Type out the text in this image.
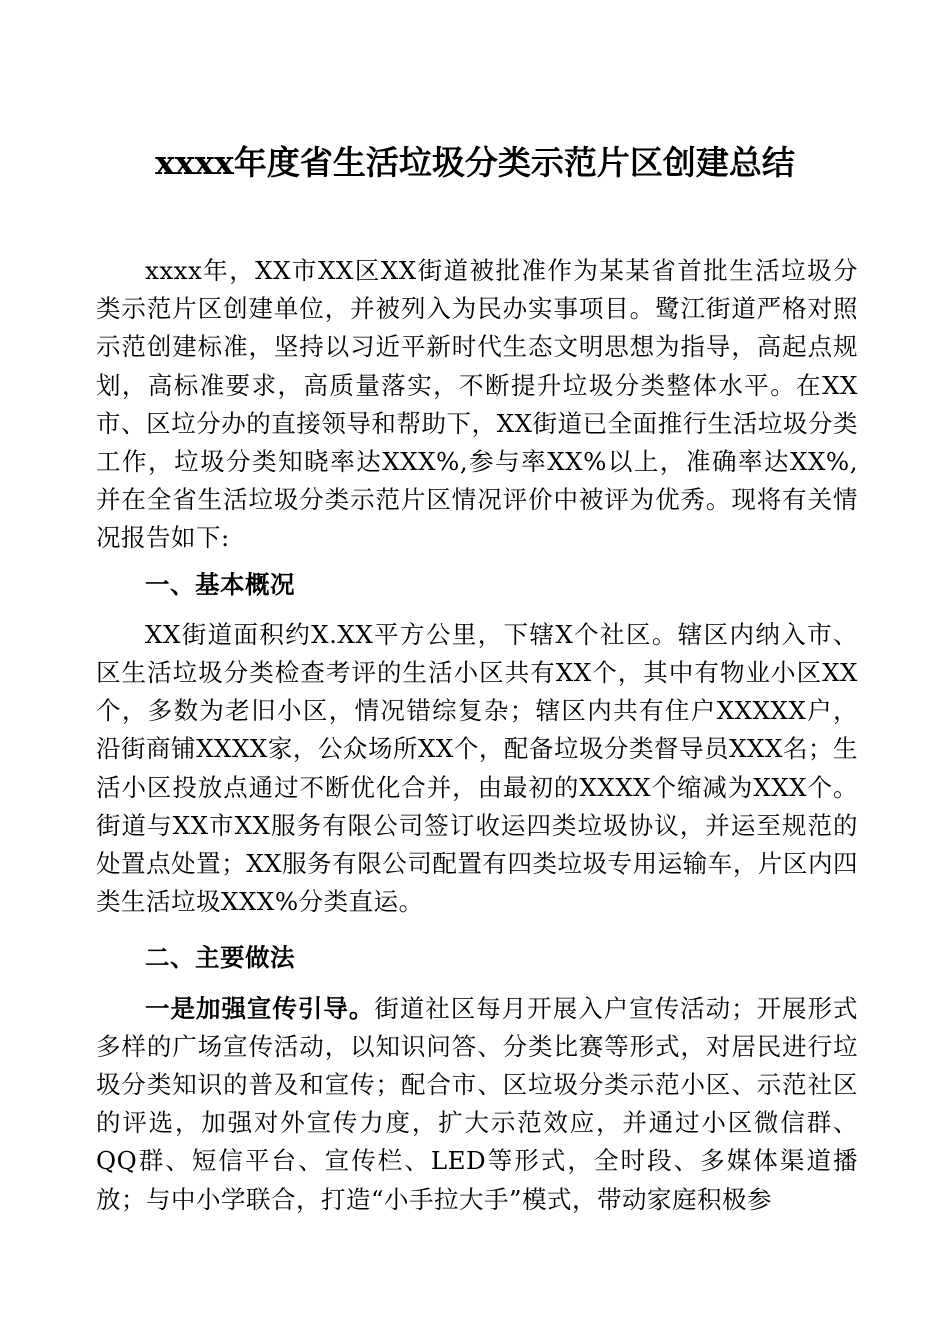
xxxx年度省生活垃圾分类示范片区创建总结

xxxx年，XX市XX区XX街道被批准作为某某省首批生活垃圾分类示范片区创建单位，并被列入为民办实事项目。鹭江街道严格对照示范创建标准，坚持以习近平新时代生态文明思想为指导，高起点规划，高标准要求，高质量落实，不断提升垃圾分类整体水平。在XX市、区垃分办的直接领导和帮助下，XX街道已全面推行生活垃圾分类工作，垃圾分类知晓率达XXX%,参与率XX%以上，准确率达XX%,并在全省生活垃圾分类示范片区情况评价中被评为优秀。现将有关情况报告如下:

一、基本概况

XX街道面积约X.XX平方公里，下辖X个社区。辖区内纳入市、区生活垃圾分类检查考评的生活小区共有XX个，其中有物业小区XX个，多数为老旧小区，情况错综复杂；辖区内共有住户XXXXX户，沿街商铺XXXX家，公众场所XX个，配备垃圾分类督导员XXX名；生活小区投放点通过不断优化合并，由最初的XXXX个缩减为XXX个。街道与XX市XX服务有限公司签订收运四类垃圾协议，并运至规范的处置点处置；XX服务有限公司配置有四类垃圾专用运输车，片区内四类生活垃圾XXX%分类直运。

二、主要做法

一是加强宣传引导。街道社区每月开展入户宣传活动；开展形式多样的广场宣传活动，以知识问答、分类比赛等形式，对居民进行垃圾分类知识的普及和宣传；配合市、区垃圾分类示范小区、示范社区的评选，加强对外宣传力度，扩大示范效应，并通过小区微信群、QQ群、短信平台、宣传栏、LED等形式，全时段、多媒体渠道播放；与中小学联合，打造“小手拉大手”模式，带动家庭积极参
